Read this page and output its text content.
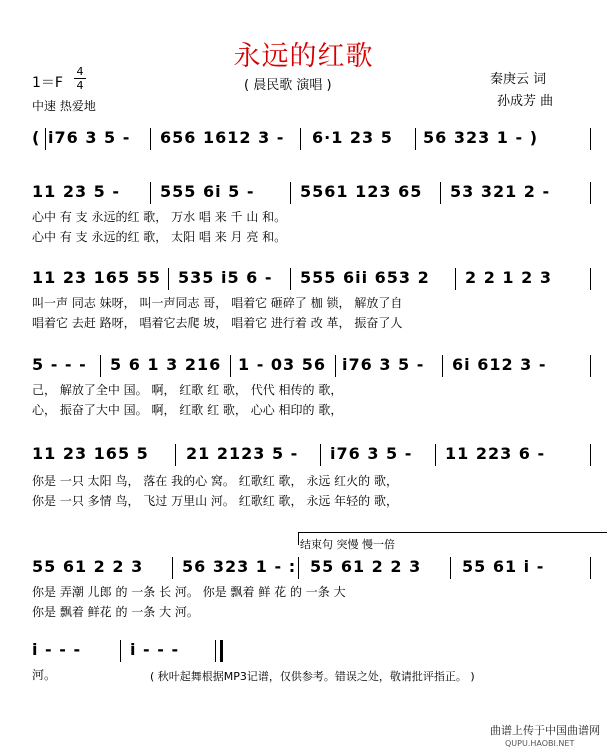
永远的红歌
1＝F
4
4
中速 热爱地
( 晨民歌 演唱 )	秦庚云 词
孙成芳 曲
( i76 3 5 - 656 1612 3 - 6·1 23 5 56 323 1 - )
11 23 5 - 555 6i 5 -	5561 123 65 53 321 2 -
11 23 165 55 535 i5 6 - 555 6ii 653 2 2 2 1 2 3
5 - - - 5 6 1 3 216 1 - 03 56 i76 3 5 - 6i 612 3 -
11 23 165 5 21 2123 5 - i76 3 5 - 11 223 6 -
55 61 2 2 3 56 323 1 - : 55 61 2 2 3	55 61 i -
i - - -	i - - -
心中 有 支 永远的红 歌， 万水 唱 来 千 山 和。
心中 有 支 永远的红 歌， 太阳 唱 来 月 亮 和。
叫一声 同志 妹呀， 叫一声同志 哥， 唱着它 砸碎了 枷 锁， 解放了自
唱着它 去赶 路呀， 唱着它去爬 坡， 唱着它 进行着 改 革， 振奋了人
己， 解放了全中 国。 啊， 红歌 红 歌， 代代 相传的 歌，
心， 振奋了大中 国。 啊， 红歌 红 歌， 心心 相印的 歌，
你是 一只 太阳 鸟， 落在 我的心 窝。 红歌红 歌， 永远 红火的 歌，
你是 一只 多情 鸟， 飞过 万里山 河。 红歌红 歌， 永远 年轻的 歌，
你是 弄潮 儿郎 的 一条 长 河。 你是 飘着 鲜 花 的 一条 大
你是 飘着 鲜花 的 一条 大 河。
河。
结束句 突慢 慢一倍
( 秋叶起舞根据MP3记谱，仅供参考。错误之处，敬请批评指正。 )
曲谱上传于中国曲谱网
QUPU.HAOBI.NET
